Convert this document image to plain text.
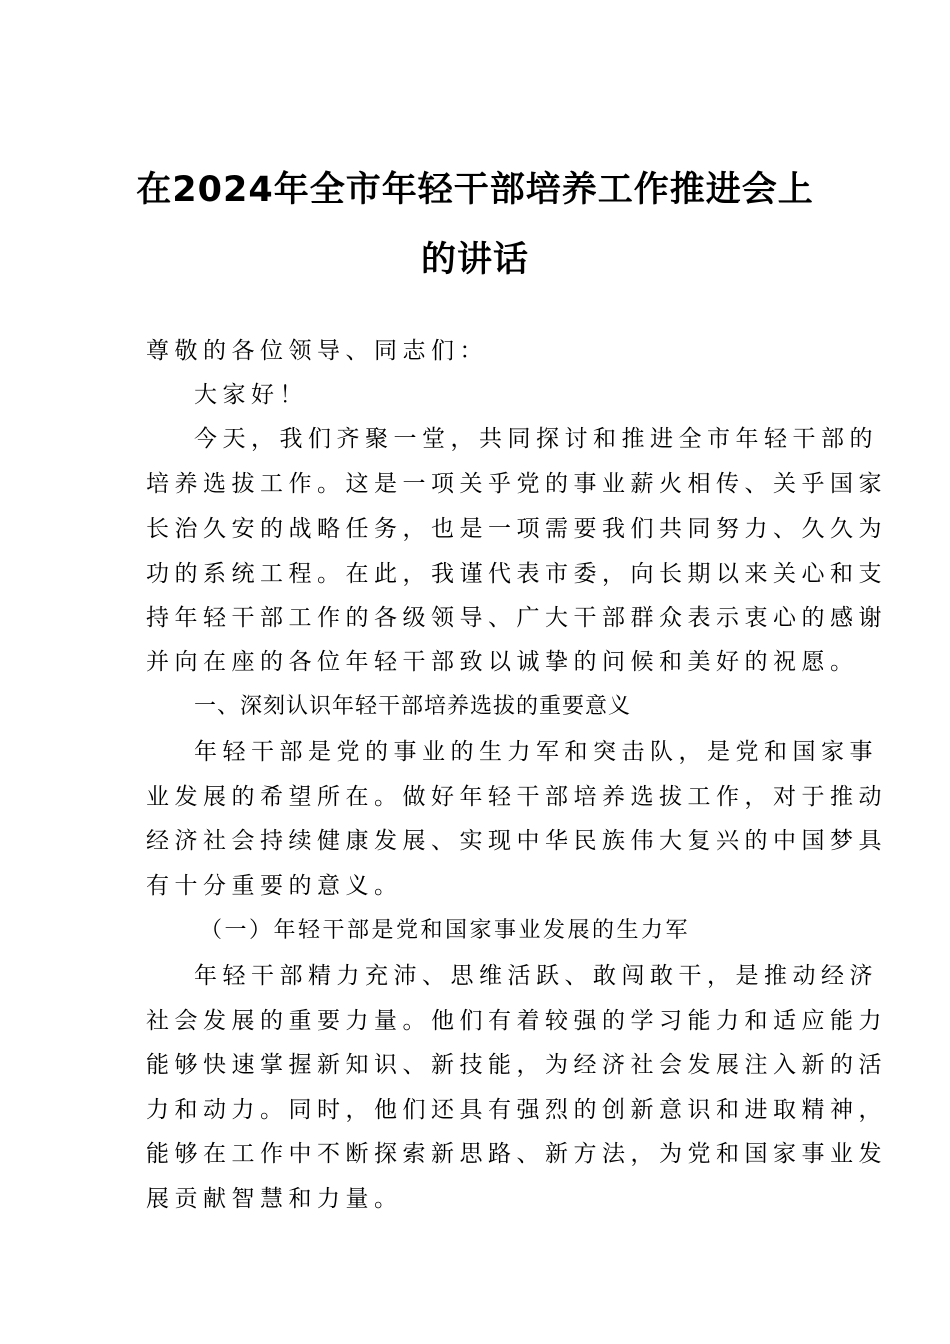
在2024年全市年轻干部培养工作推进会上
的讲话
尊敬的各位领导、同志们：
大家好！
今天，我们齐聚一堂，共同探讨和推进全市年轻干部的
培养选拔工作。这是一项关乎党的事业薪火相传、关乎国家
长治久安的战略任务，也是一项需要我们共同努力、久久为
功的系统工程。在此，我谨代表市委，向长期以来关心和支
持年轻干部工作的各级领导、广大干部群众表示衷心的感谢
并向在座的各位年轻干部致以诚挚的问候和美好的祝愿。
一、深刻认识年轻干部培养选拔的重要意义
年轻干部是党的事业的生力军和突击队，是党和国家事
业发展的希望所在。做好年轻干部培养选拔工作，对于推动
经济社会持续健康发展、实现中华民族伟大复兴的中国梦具
有十分重要的意义。
（一）年轻干部是党和国家事业发展的生力军
年轻干部精力充沛、思维活跃、敢闯敢干，是推动经济
社会发展的重要力量。他们有着较强的学习能力和适应能力
能够快速掌握新知识、新技能，为经济社会发展注入新的活
力和动力。同时，他们还具有强烈的创新意识和进取精神，
能够在工作中不断探索新思路、新方法，为党和国家事业发
展贡献智慧和力量。
